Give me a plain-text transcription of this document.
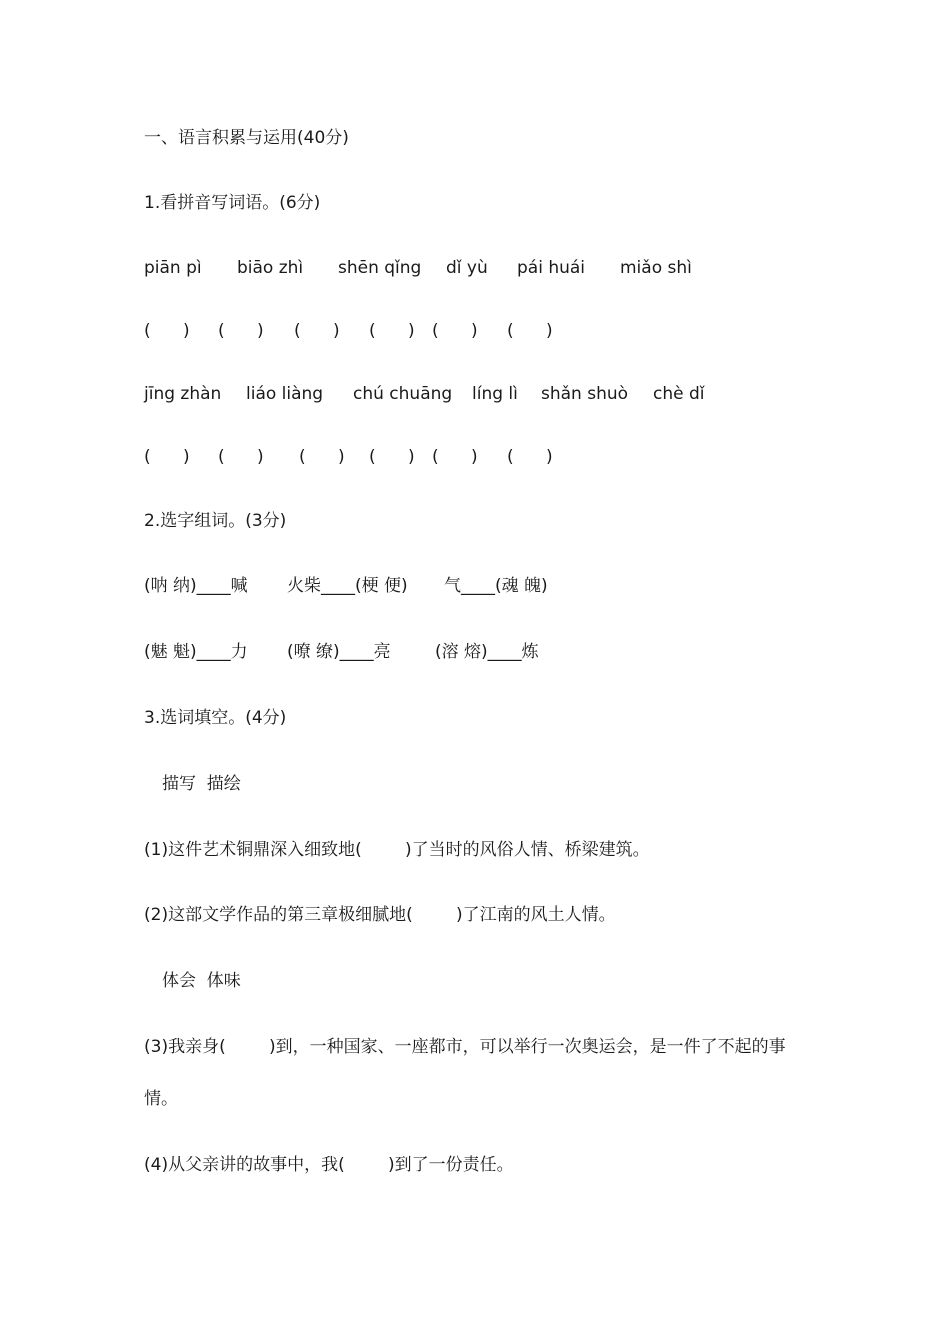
一、语言积累与运用(40分)

1.看拼音写词语。(6分)

piān pì biāo zhì shēn qǐng dǐ yù pái huái miǎo shì
(      ) (      ) (      ) (      ) (      ) (      )
jīng zhàn liáo liàng chú chuāng líng lì shǎn shuò chè dǐ
(      ) (      ) (      ) (      ) (      ) (      )

2.选字组词。(3分)

(呐 纳)____喊 火柴____(梗 便) 气____(魂 魄)
(魅 魁)____力 (嘹 缭)____亮	(溶 熔)____炼

3.选词填空。(4分)

描写  描绘

(1)这件艺术铜鼎深入细致地(        )了当时的风俗人情、桥梁建筑。

(2)这部文学作品的第三章极细腻地(        )了江南的风土人情。

体会  体味

(3)我亲身(        )到，一种国家、一座都市，可以举行一次奥运会，是一件了不起的事

情。

(4)从父亲讲的故事中，我(        )到了一份责任。
